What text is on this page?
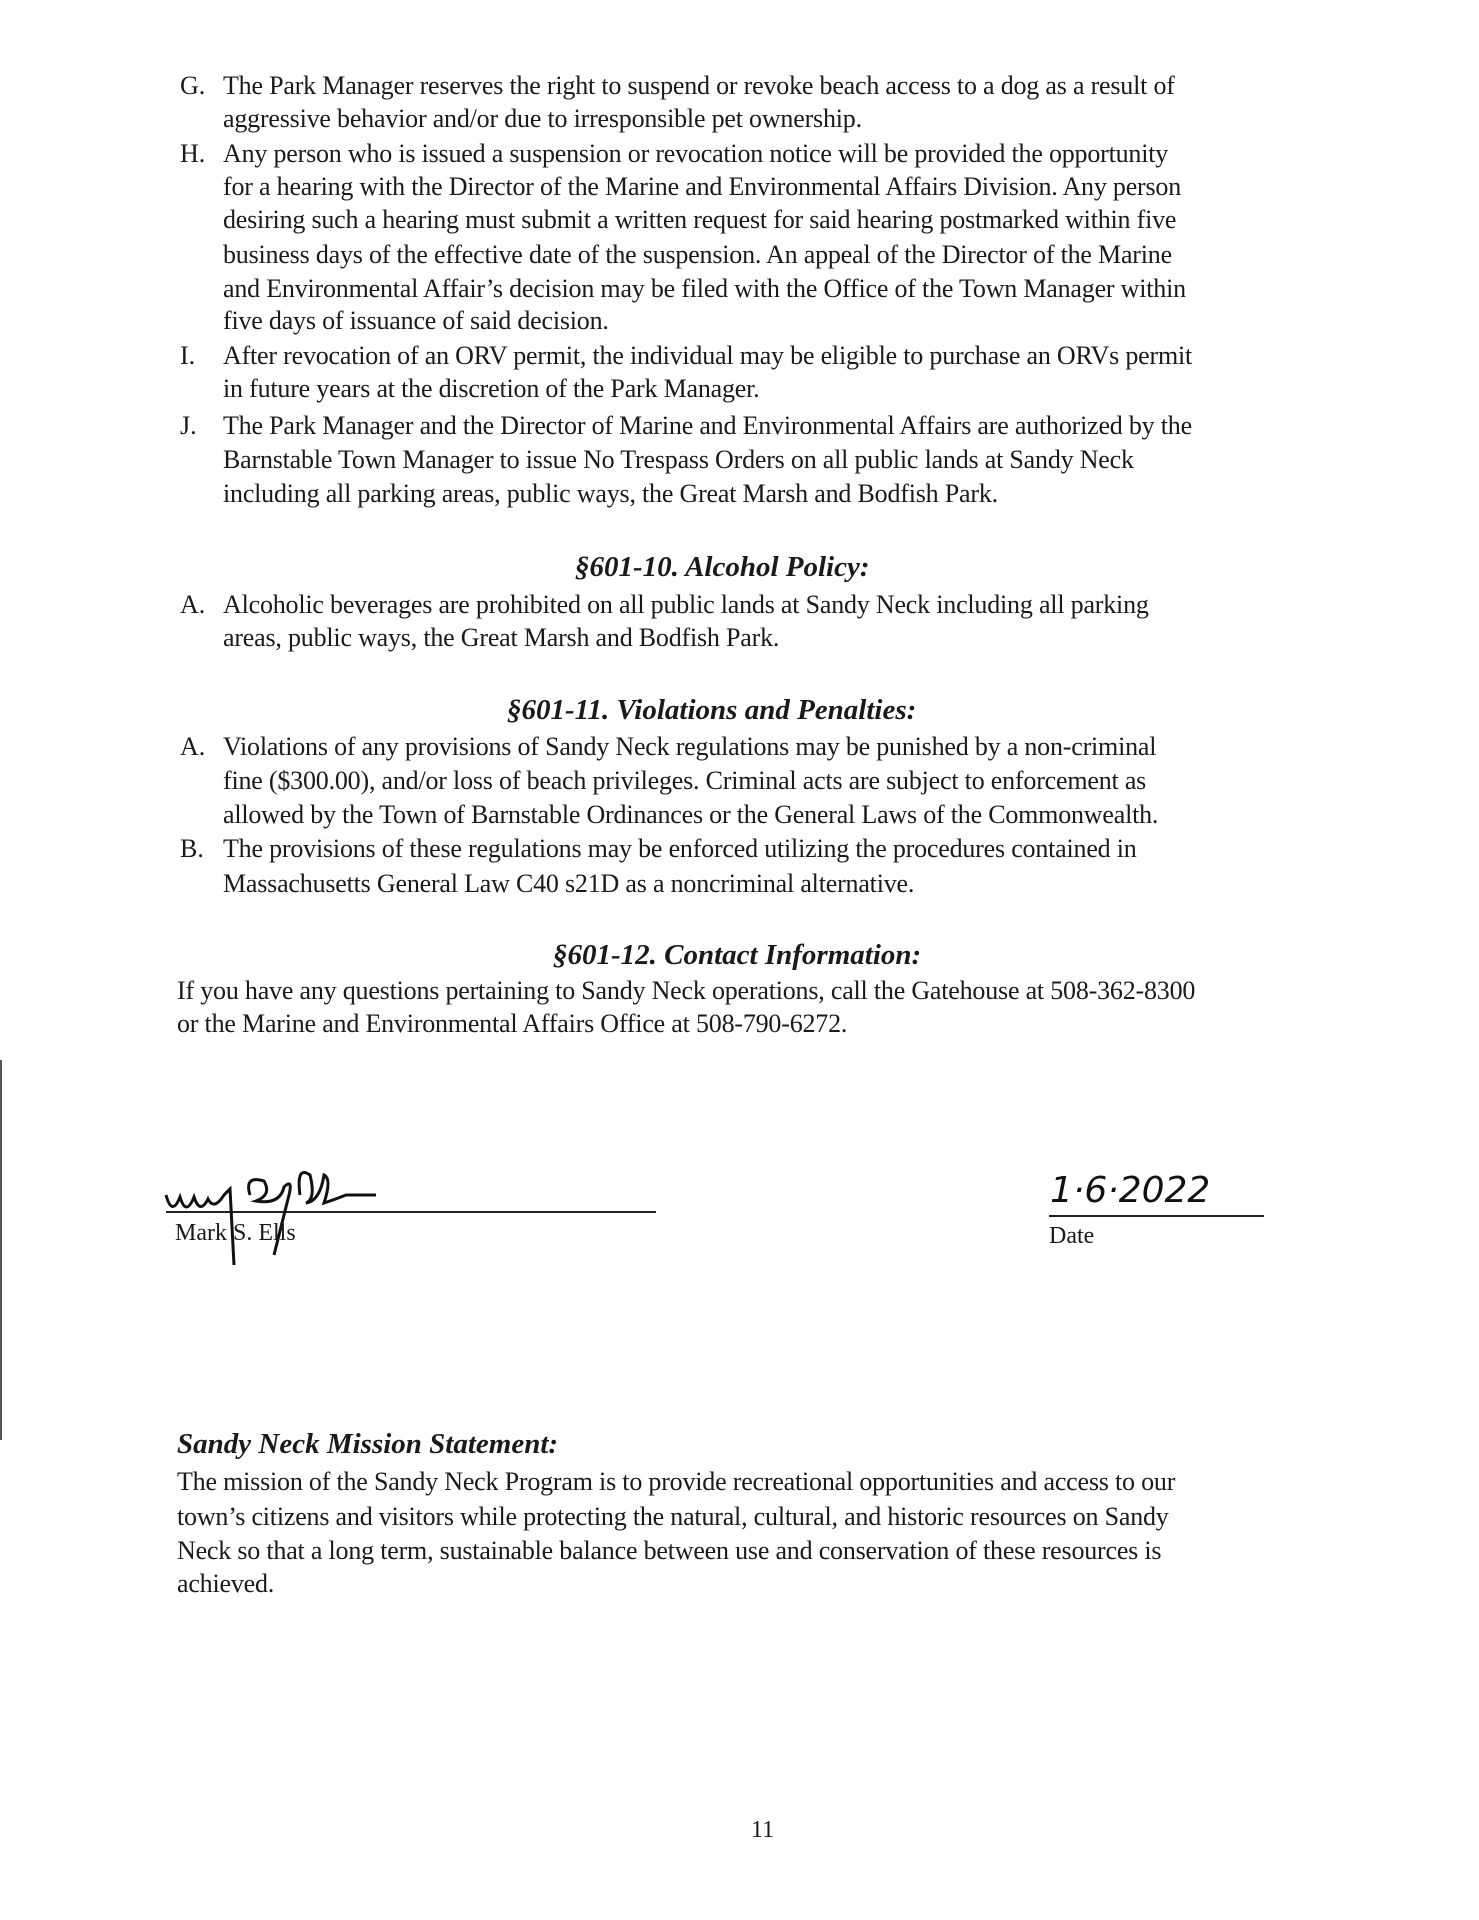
G. The Park Manager reserves the right to suspend or revoke beach access to a dog as a result of
aggressive behavior and/or due to irresponsible pet ownership.
H. Any person who is issued a suspension or revocation notice will be provided the opportunity
for a hearing with the Director of the Marine and Environmental Affairs Division. Any person
desiring such a hearing must submit a written request for said hearing postmarked within five
business days of the effective date of the suspension. An appeal of the Director of the Marine
and Environmental Affair’s decision may be filed with the Office of the Town Manager within
five days of issuance of said decision.
I. After revocation of an ORV permit, the individual may be eligible to purchase an ORVs permit
in future years at the discretion of the Park Manager.
J. The Park Manager and the Director of Marine and Environmental Affairs are authorized by the
Barnstable Town Manager to issue No Trespass Orders on all public lands at Sandy Neck
including all parking areas, public ways, the Great Marsh and Bodfish Park.
§601-10. Alcohol Policy:
A. Alcoholic beverages are prohibited on all public lands at Sandy Neck including all parking
areas, public ways, the Great Marsh and Bodfish Park.
§601-11. Violations and Penalties:
A. Violations of any provisions of Sandy Neck regulations may be punished by a non-criminal
fine ($300.00), and/or loss of beach privileges. Criminal acts are subject to enforcement as
allowed by the Town of Barnstable Ordinances or the General Laws of the Commonwealth.
B. The provisions of these regulations may be enforced utilizing the procedures contained in
Massachusetts General Law C40 s21D as a noncriminal alternative.
§601-12. Contact Information:
If you have any questions pertaining to Sandy Neck operations, call the Gatehouse at 508-362-8300
or the Marine and Environmental Affairs Office at 508-790-6272.
Sandy Neck Mission Statement:
The mission of the Sandy Neck Program is to provide recreational opportunities and access to our
town’s citizens and visitors while protecting the natural, cultural, and historic resources on Sandy
Neck so that a long term, sustainable balance between use and conservation of these resources is
achieved.
Mark S. Ells
1·6·2022
Date
11
